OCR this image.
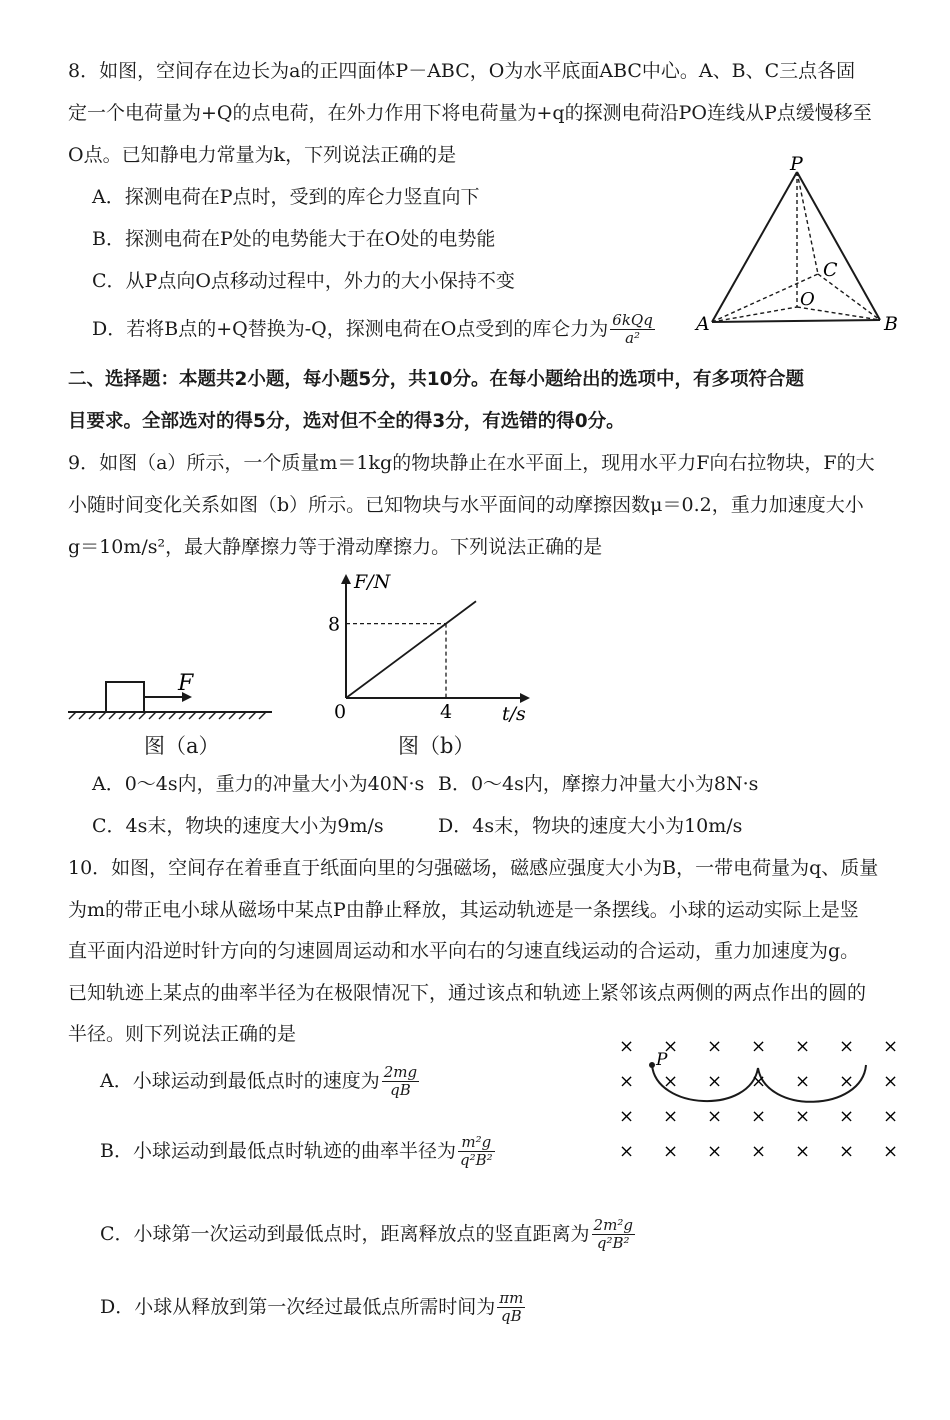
8．如图，空间存在边长为a的正四面体P－ABC，O为水平底面ABC中心。A、B、C三点各固
定一个电荷量为+Q的点电荷，在外力作用下将电荷量为+q的探测电荷沿PO连线从P点缓慢移至
O点。已知静电力常量为k，下列说法正确的是
A．探测电荷在P点时，受到的库仑力竖直向下
B．探测电荷在P处的电势能大于在O处的电势能
C．从P点向O点移动过程中，外力的大小保持不变
D．若将B点的+Q替换为-Q，探测电荷在O点受到的库仑力为 $\frac{\text{6kQq}}{\text{a²}}$
P
A	B
C
O
二、选择题：本题共2小题，每小题5分，共10分。在每小题给出的选项中，有多项符合题
目要求。全部选对的得5分，选对但不全的得3分，有选错的得0分。
9．如图（a）所示，一个质量m＝1kg的物块静止在水平面上，现用水平力F向右拉物块，F的大
小随时间变化关系如图（b）所示。已知物块与水平面间的动摩擦因数μ＝0.2，重力加速度大小
g＝10m/s²，最大静摩擦力等于滑动摩擦力。下列说法正确的是
F
图（a）
0	4
8
t/s
F/N
图（b）
A．0～4s内，重力的冲量大小为40N·s B．0～4s内，摩擦力冲量大小为8N·s
C．4s末，物块的速度大小为9m/s	D．4s末，物块的速度大小为10m/s
10．如图，空间存在着垂直于纸面向里的匀强磁场，磁感应强度大小为B，一带电荷量为q、质量
为m的带正电小球从磁场中某点P由静止释放，其运动轨迹是一条摆线。小球的运动实际上是竖
直平面内沿逆时针方向的匀速圆周运动和水平向右的匀速直线运动的合运动，重力加速度为g。
已知轨迹上某点的曲率半径为在极限情况下，通过该点和轨迹上紧邻该点两侧的两点作出的圆的
半径。则下列说法正确的是
A．小球运动到最低点时的速度为 $\frac{2mg}{qB}$
B．小球运动到最低点时轨迹的曲率半径为 $\frac{\text{m²g}}{\text{q²B²}}$
C．小球第一次运动到最低点时，距离释放点的竖直距离为 $\frac{\text{2m²g}}{\text{q²B²}}$
D．小球从释放到第一次经过最低点所需时间为 $\frac{\pi m}{qB}$
P
× × × × × × ×
× × × × × × ×
× × × × × × ×
× × × × × × ×
